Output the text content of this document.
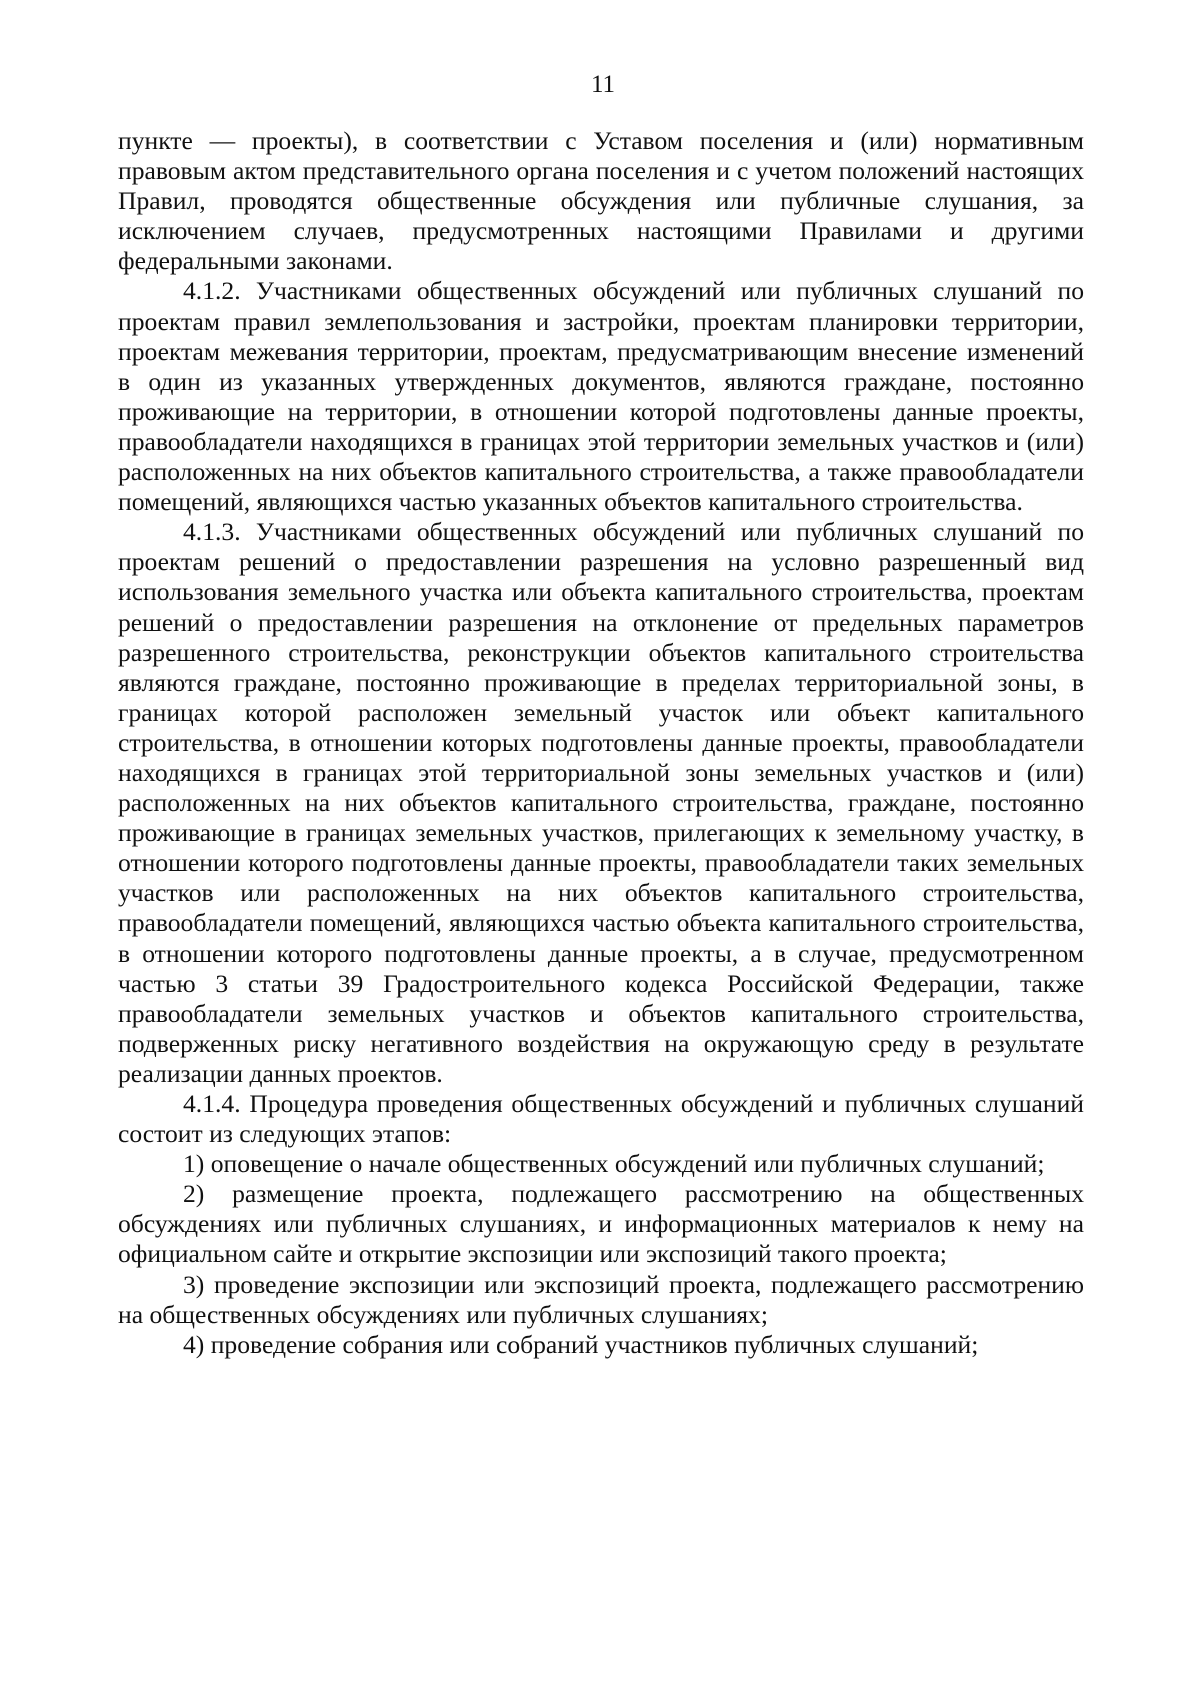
11

пункте — проекты), в соответствии с Уставом поселения и (или) нормативным правовым актом представительного органа поселения и с учетом положений настоящих Правил, проводятся общественные обсуждения или публичные слушания, за исключением случаев, предусмотренных настоящими Правилами и другими федеральными законами.

4.1.2. Участниками общественных обсуждений или публичных слушаний по проектам правил землепользования и застройки, проектам планировки территории, проектам межевания территории, проектам, предусматривающим внесение изменений в один из указанных утвержденных документов, являются граждане, постоянно проживающие на территории, в отношении которой подготовлены данные проекты, правообладатели находящихся в границах этой территории земельных участков и (или) расположенных на них объектов капитального строительства, а также правообладатели помещений, являющихся частью указанных объектов капитального строительства.

4.1.3. Участниками общественных обсуждений или публичных слушаний по проектам решений о предоставлении разрешения на условно разрешенный вид использования земельного участка или объекта капитального строительства, проектам решений о предоставлении разрешения на отклонение от предельных параметров разрешенного строительства, реконструкции объектов капитального строительства являются граждане, постоянно проживающие в пределах территориальной зоны, в границах которой расположен земельный участок или объект капитального строительства, в отношении которых подготовлены данные проекты, правообладатели находящихся в границах этой территориальной зоны земельных участков и (или) расположенных на них объектов капитального строительства, граждане, постоянно проживающие в границах земельных участков, прилегающих к земельному участку, в отношении которого подготовлены данные проекты, правообладатели таких земельных участков или расположенных на них объектов капитального строительства, правообладатели помещений, являющихся частью объекта капитального строительства, в отношении которого подготовлены данные проекты, а в случае, предусмотренном частью 3 статьи 39 Градостроительного кодекса Российской Федерации, также правообладатели земельных участков и объектов капитального строительства, подверженных риску негативного воздействия на окружающую среду в результате реализации данных проектов.

4.1.4. Процедура проведения общественных обсуждений и публичных слушаний состоит из следующих этапов:

1) оповещение о начале общественных обсуждений или публичных слушаний;

2) размещение проекта, подлежащего рассмотрению на общественных обсуждениях или публичных слушаниях, и информационных материалов к нему на официальном сайте и открытие экспозиции или экспозиций такого проекта;

3) проведение экспозиции или экспозиций проекта, подлежащего рассмотрению на общественных обсуждениях или публичных слушаниях;

4) проведение собрания или собраний участников публичных слушаний;
